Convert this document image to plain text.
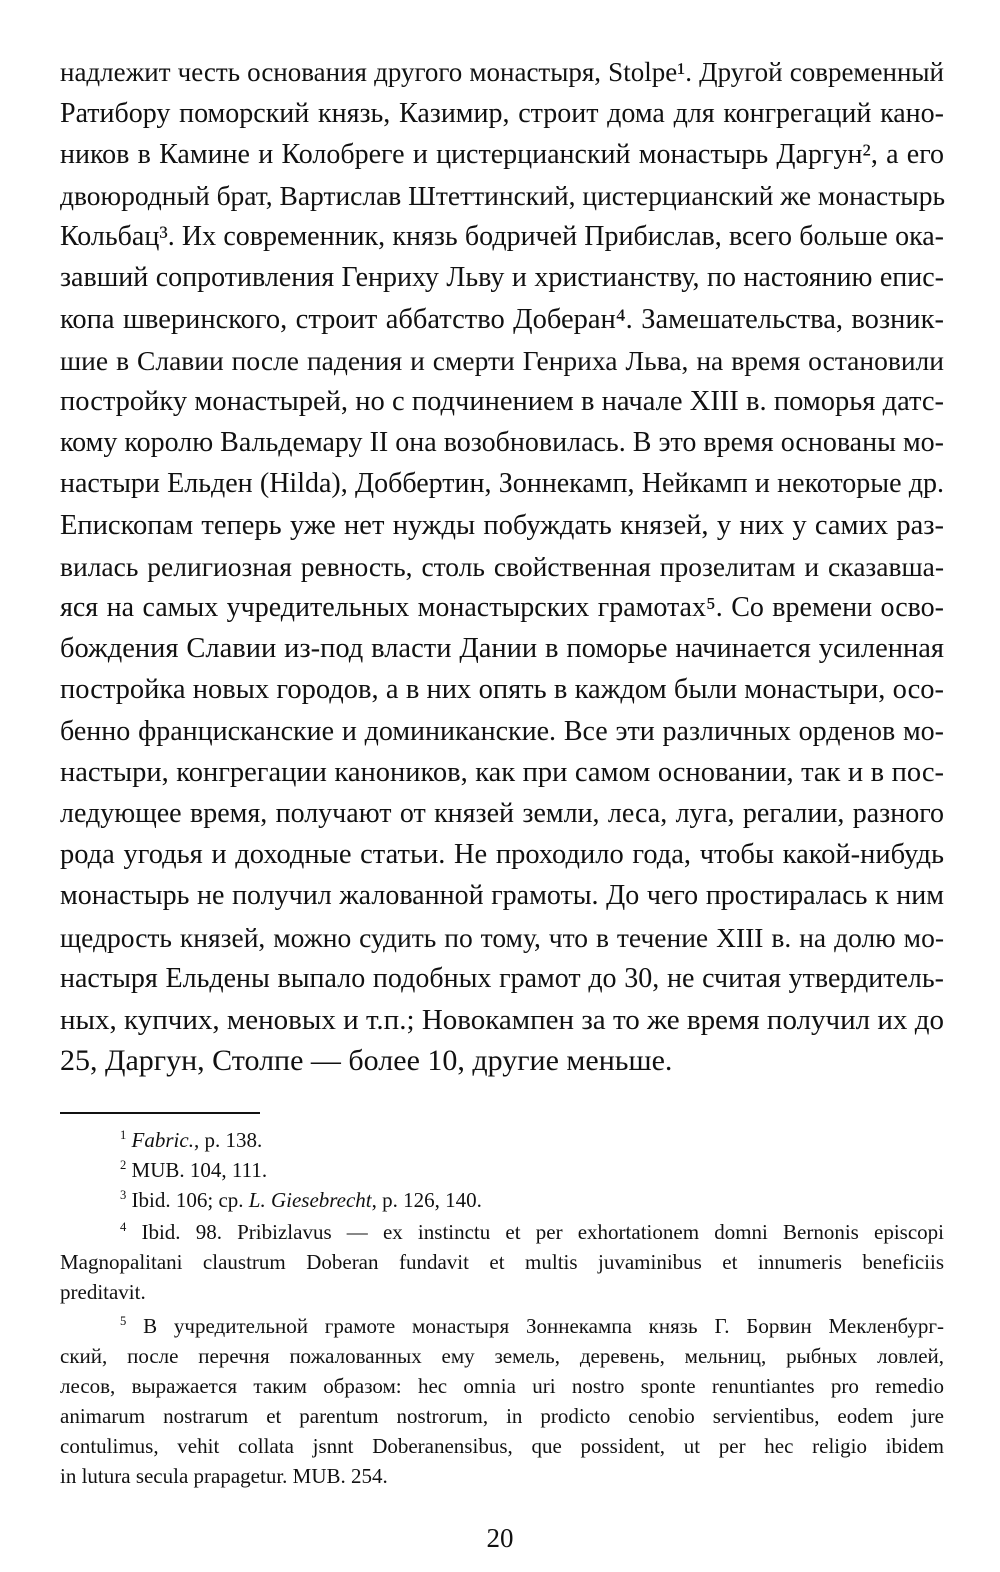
надлежит честь основания другого монастыря, Stolpe¹. Другой современный
Ратибору поморский князь, Казимир, строит дома для конгрегаций кано-
ников в Камине и Колобреге и цистерцианский монастырь Даргун², а его
двоюродный брат, Вартислав Штеттинский, цистерцианский же монастырь
Кольбац³. Их современник, князь бодричей Прибислав, всего больше ока-
завший сопротивления Генриху Льву и христианству, по настоянию епис-
копа шверинского, строит аббатство Доберан⁴. Замешательства, возник-
шие в Славии после падения и смерти Генриха Льва, на время остановили
постройку монастырей, но с подчинением в начале XIII в. поморья датс-
кому королю Вальдемару II она возобновилась. В это время основаны мо-
настыри Ельден (Hilda), Доббертин, Зоннекамп, Нейкамп и некоторые др.
Епископам теперь уже нет нужды побуждать князей, у них у самих раз-
вилась религиозная ревность, столь свойственная прозелитам и сказавша-
яся на самых учредительных монастырских грамотах⁵. Со времени осво-
бождения Славии из-под власти Дании в поморье начинается усиленная
постройка новых городов, а в них опять в каждом были монастыри, осо-
бенно францисканские и доминиканские. Все эти различных орденов мо-
настыри, конгрегации каноников, как при самом основании, так и в пос-
ледующее время, получают от князей земли, леса, луга, регалии, разного
рода угодья и доходные статьи. Не проходило года, чтобы какой-нибудь
монастырь не получил жалованной грамоты. До чего простиралась к ним
щедрость князей, можно судить по тому, что в течение XIII в. на долю мо-
настыря Ельдены выпало подобных грамот до 30, не считая утвердитель-
ных, купчих, меновых и т.п.; Новокампен за то же время получил их до
25, Даргун, Столпе — более 10, другие меньше.
$^1$ Fabric., p. 138.
$^2$ MUB. 104, 111.
$^3$ Ibid. 106; ср. L. Giesebrecht, p. 126, 140.
$^4$ Ibid. 98. Pribizlavus — ex instinctu et per exhortationem domni Bernonis episcopi
Magnopalitani claustrum Doberan fundavit et multis juvaminibus et innumeris beneficiis
preditavit.
$^5$ В учредительной грамоте монастыря Зоннекампа князь Г. Борвин Мекленбург-
ский, после перечня пожалованных ему земель, деревень, мельниц, рыбных ловлей,
лесов, выражается таким образом: hec omnia uri nostro sponte renuntiantes pro remedio
animarum nostrarum et parentum nostrorum, in prodicto cenobio servientibus, eodem jure
contulimus, vehit collata jsnnt Doberanensibus, que possident, ut per hec religio ibidem
in lutura secula prapagetur. MUB. 254.
20
